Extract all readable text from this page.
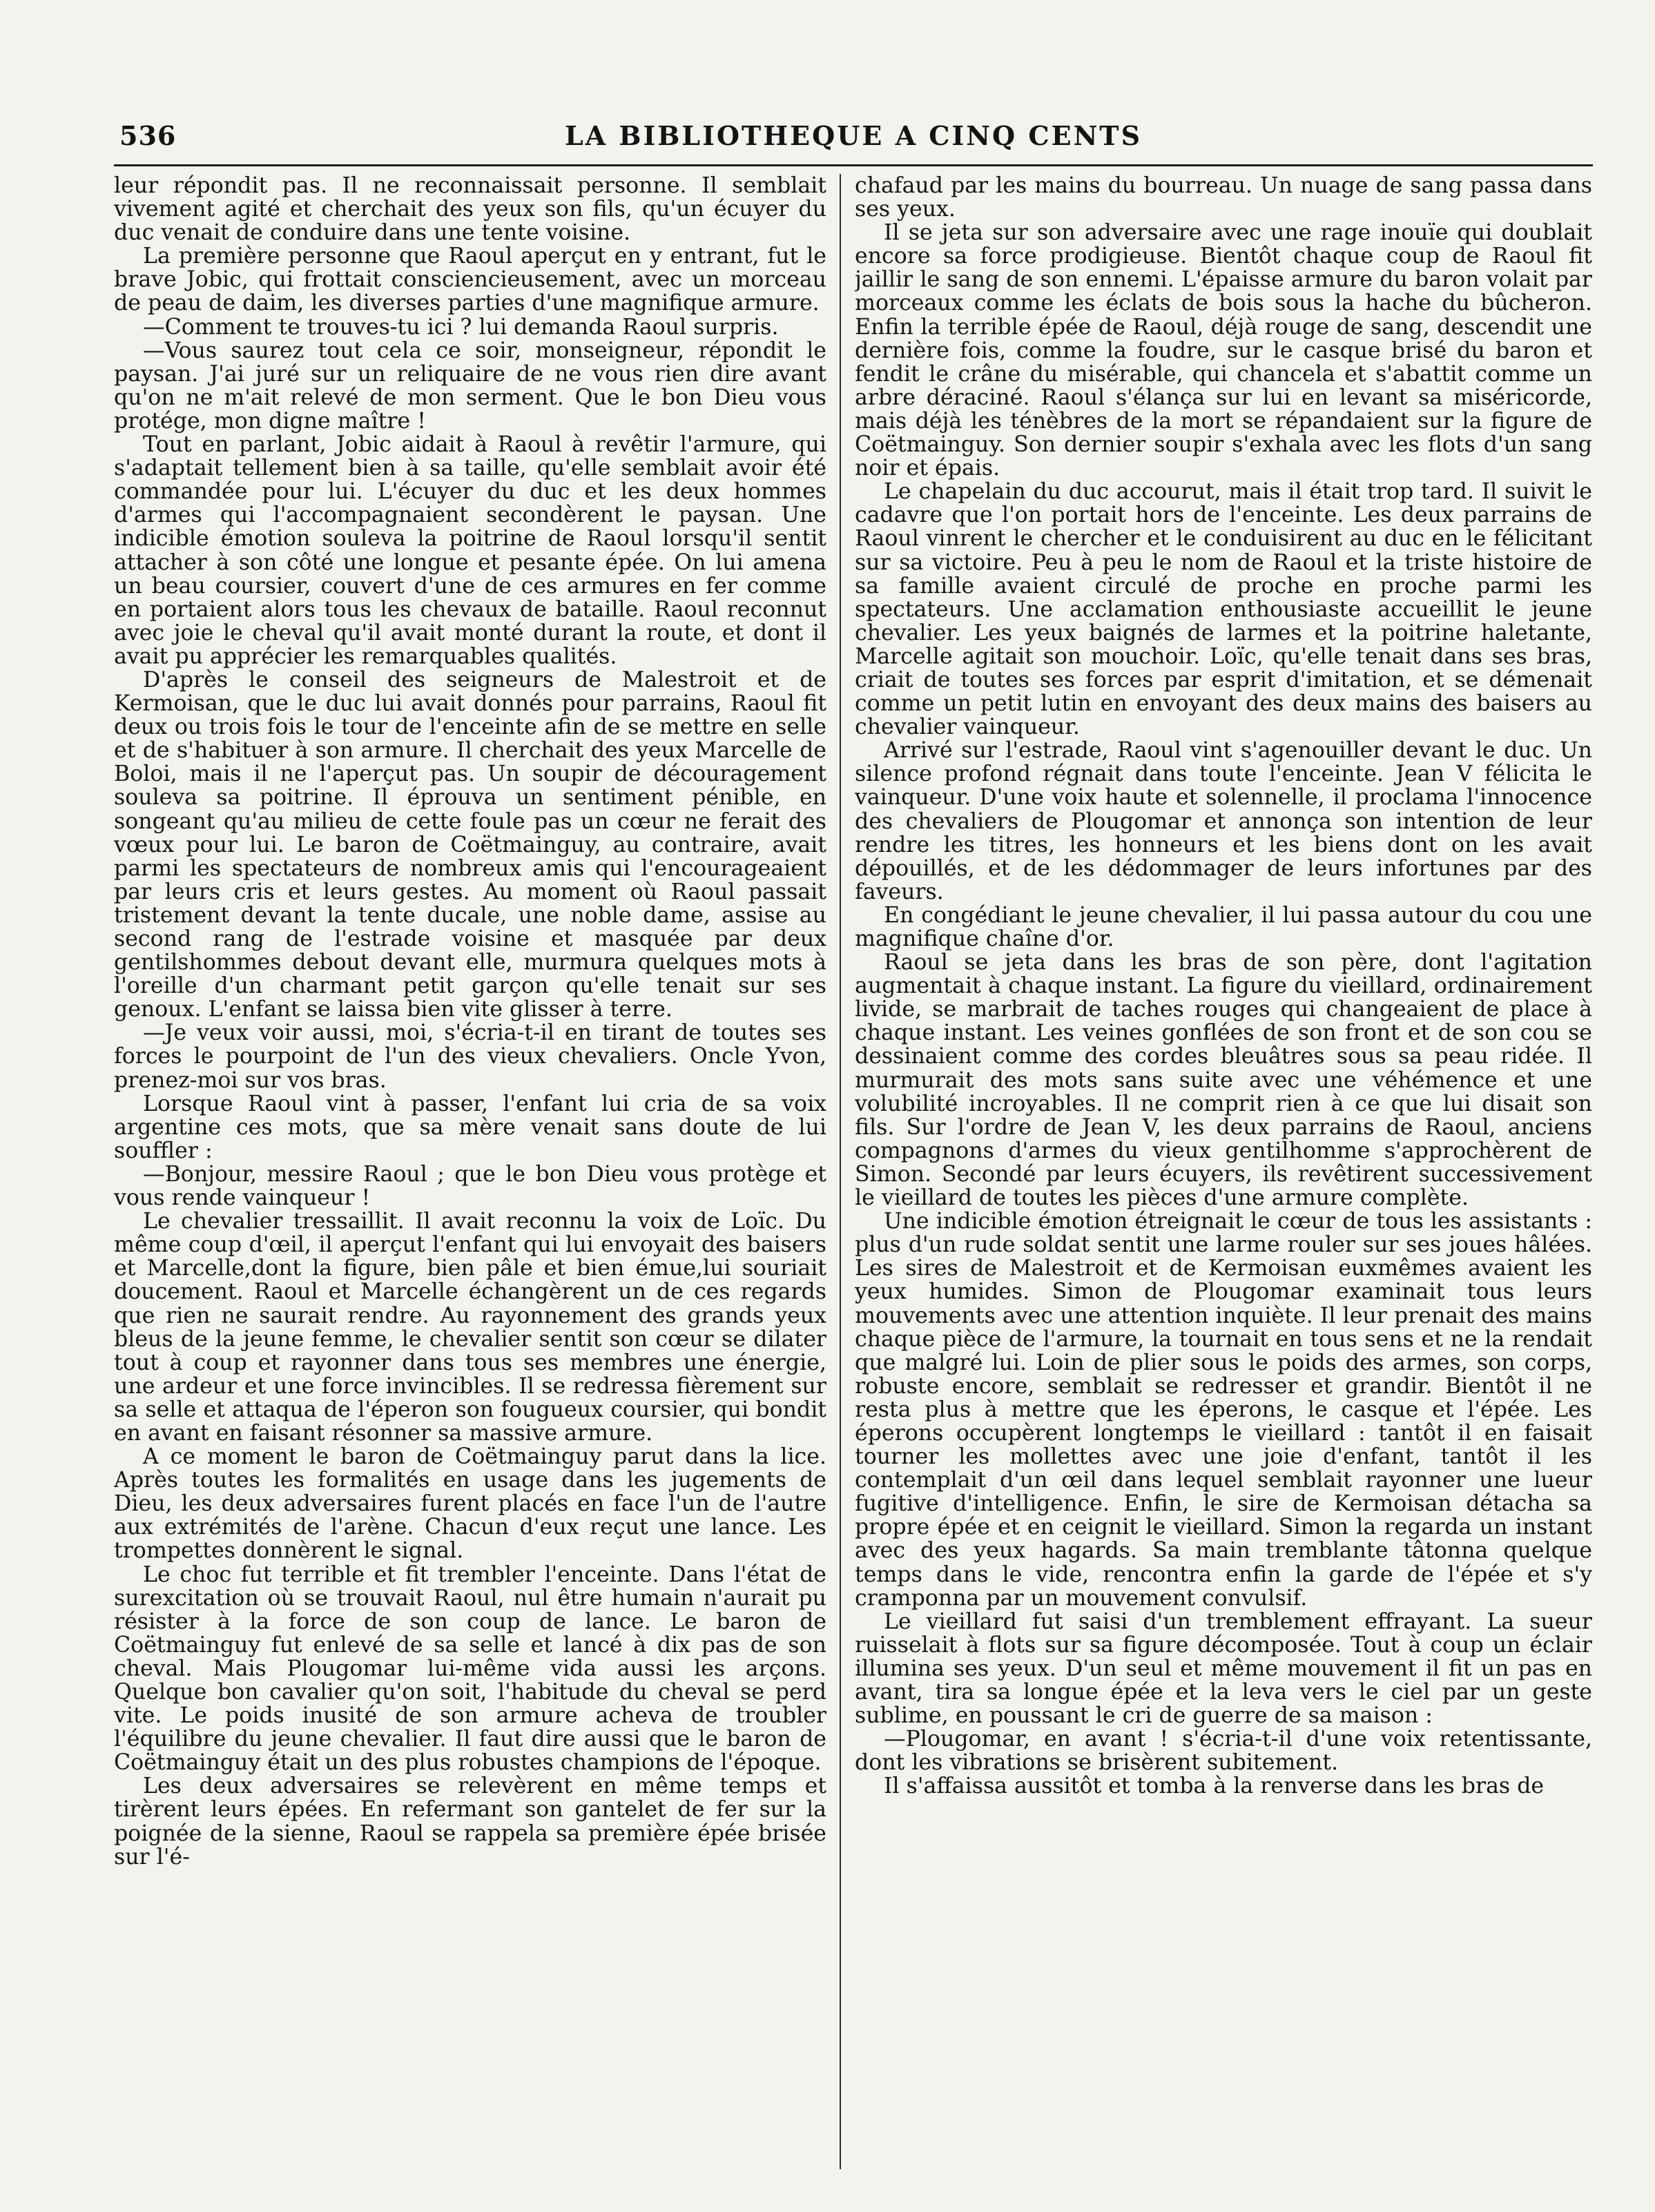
536	LA BIBLIOTHEQUE A CINQ CENTS

leur répondit pas. Il ne reconnaissait personne. Il semblait vivement agité et cherchait des yeux son fils, qu'un écuyer du duc venait de conduire dans une tente voisine.

La première personne que Raoul aperçut en y entrant, fut le brave Jobic, qui frottait consciencieusement, avec un morceau de peau de daim, les diverses parties d'une magnifique armure.

—Comment te trouves-tu ici ? lui demanda Raoul surpris.

—Vous saurez tout cela ce soir, monseigneur, répondit le paysan. J'ai juré sur un reliquaire de ne vous rien dire avant qu'on ne m'ait relevé de mon serment. Que le bon Dieu vous protége, mon digne maître !

Tout en parlant, Jobic aidait à Raoul à revêtir l'armure, qui s'adaptait tellement bien à sa taille, qu'elle semblait avoir été commandée pour lui. L'écuyer du duc et les deux hommes d'armes qui l'accompagnaient secondèrent le paysan. Une indicible émotion souleva la poitrine de Raoul lorsqu'il sentit attacher à son côté une longue et pesante épée. On lui amena un beau coursier, couvert d'une de ces armures en fer comme en portaient alors tous les chevaux de bataille. Raoul reconnut avec joie le cheval qu'il avait monté durant la route, et dont il avait pu apprécier les remarquables qualités.

D'après le conseil des seigneurs de Malestroit et de Kermoisan, que le duc lui avait donnés pour parrains, Raoul fit deux ou trois fois le tour de l'enceinte afin de se mettre en selle et de s'habituer à son armure. Il cherchait des yeux Marcelle de Boloi, mais il ne l'aperçut pas. Un soupir de découragement souleva sa poitrine. Il éprouva un sentiment pénible, en songeant qu'au milieu de cette foule pas un cœur ne ferait des vœux pour lui. Le baron de Coëtmainguy, au contraire, avait parmi les spectateurs de nombreux amis qui l'encourageaient par leurs cris et leurs gestes. Au moment où Raoul passait tristement devant la tente ducale, une noble dame, assise au second rang de l'estrade voisine et masquée par deux gentilshommes debout devant elle, murmura quelques mots à l'oreille d'un charmant petit garçon qu'elle tenait sur ses genoux. L'enfant se laissa bien vite glisser à terre.

—Je veux voir aussi, moi, s'écria-t-il en tirant de toutes ses forces le pourpoint de l'un des vieux chevaliers. Oncle Yvon, prenez-moi sur vos bras.

Lorsque Raoul vint à passer, l'enfant lui cria de sa voix argentine ces mots, que sa mère venait sans doute de lui souffler :

—Bonjour, messire Raoul ; que le bon Dieu vous protège et vous rende vainqueur !

Le chevalier tressaillit. Il avait reconnu la voix de Loïc. Du même coup d'œil, il aperçut l'enfant qui lui envoyait des baisers et Marcelle,dont la figure, bien pâle et bien émue,lui souriait doucement. Raoul et Marcelle échangèrent un de ces regards que rien ne saurait rendre. Au rayonnement des grands yeux bleus de la jeune femme, le chevalier sentit son cœur se dilater tout à coup et rayonner dans tous ses membres une énergie, une ardeur et une force invincibles. Il se redressa fièrement sur sa selle et attaqua de l'éperon son fougueux coursier, qui bondit en avant en faisant résonner sa massive armure.

A ce moment le baron de Coëtmainguy parut dans la lice. Après toutes les formalités en usage dans les jugements de Dieu, les deux adversaires furent placés en face l'un de l'autre aux extrémités de l'arène. Chacun d'eux reçut une lance. Les trompettes donnèrent le signal.

Le choc fut terrible et fit trembler l'enceinte. Dans l'état de surexcitation où se trouvait Raoul, nul être humain n'aurait pu résister à la force de son coup de lance. Le baron de Coëtmainguy fut enlevé de sa selle et lancé à dix pas de son cheval. Mais Plougomar lui-même vida aussi les arçons. Quelque bon cavalier qu'on soit, l'habitude du cheval se perd vite. Le poids inusité de son armure acheva de troubler l'équilibre du jeune chevalier. Il faut dire aussi que le baron de Coëtmainguy était un des plus robustes champions de l'époque.

Les deux adversaires se relevèrent en même temps et tirèrent leurs épées. En refermant son gantelet de fer sur la poignée de la sienne, Raoul se rappela sa première épée brisée sur l'é-

chafaud par les mains du bourreau. Un nuage de sang passa dans ses yeux.

Il se jeta sur son adversaire avec une rage inouïe qui doublait encore sa force prodigieuse. Bientôt chaque coup de Raoul fit jaillir le sang de son ennemi. L'épaisse armure du baron volait par morceaux comme les éclats de bois sous la hache du bûcheron. Enfin la terrible épée de Raoul, déjà rouge de sang, descendit une dernière fois, comme la foudre, sur le casque brisé du baron et fendit le crâne du misérable, qui chancela et s'abattit comme un arbre déraciné. Raoul s'élança sur lui en levant sa miséricorde, mais déjà les ténèbres de la mort se répandaient sur la figure de Coëtmainguy. Son dernier soupir s'exhala avec les flots d'un sang noir et épais.

Le chapelain du duc accourut, mais il était trop tard. Il suivit le cadavre que l'on portait hors de l'enceinte. Les deux parrains de Raoul vinrent le chercher et le conduisirent au duc en le félicitant sur sa victoire. Peu à peu le nom de Raoul et la triste histoire de sa famille avaient circulé de proche en proche parmi les spectateurs. Une acclamation enthousiaste accueillit le jeune chevalier. Les yeux baignés de larmes et la poitrine haletante, Marcelle agitait son mouchoir. Loïc, qu'elle tenait dans ses bras, criait de toutes ses forces par esprit d'imitation, et se démenait comme un petit lutin en envoyant des deux mains des baisers au chevalier vainqueur.

Arrivé sur l'estrade, Raoul vint s'agenouiller devant le duc. Un silence profond régnait dans toute l'enceinte. Jean V félicita le vainqueur. D'une voix haute et solennelle, il proclama l'innocence des chevaliers de Plougomar et annonça son intention de leur rendre les titres, les honneurs et les biens dont on les avait dépouillés, et de les dédommager de leurs infortunes par des faveurs.

En congédiant le jeune chevalier, il lui passa autour du cou une magnifique chaîne d'or.

Raoul se jeta dans les bras de son père, dont l'agitation augmentait à chaque instant. La figure du vieillard, ordinairement livide, se marbrait de taches rouges qui changeaient de place à chaque instant. Les veines gonflées de son front et de son cou se dessinaient comme des cordes bleuâtres sous sa peau ridée. Il murmurait des mots sans suite avec une véhémence et une volubilité incroyables. Il ne comprit rien à ce que lui disait son fils. Sur l'ordre de Jean V, les deux parrains de Raoul, anciens compagnons d'armes du vieux gentilhomme s'approchèrent de Simon. Secondé par leurs écuyers, ils revêtirent successivement le vieillard de toutes les pièces d'une armure complète.

Une indicible émotion étreignait le cœur de tous les assistants : plus d'un rude soldat sentit une larme rouler sur ses joues hâlées. Les sires de Malestroit et de Kermoisan euxmêmes avaient les yeux humides. Simon de Plougomar examinait tous leurs mouvements avec une attention inquiète. Il leur prenait des mains chaque pièce de l'armure, la tournait en tous sens et ne la rendait que malgré lui. Loin de plier sous le poids des armes, son corps, robuste encore, semblait se redresser et grandir. Bientôt il ne resta plus à mettre que les éperons, le casque et l'épée. Les éperons occupèrent longtemps le vieillard : tantôt il en faisait tourner les mollettes avec une joie d'enfant, tantôt il les contemplait d'un œil dans lequel semblait rayonner une lueur fugitive d'intelligence. Enfin, le sire de Kermoisan détacha sa propre épée et en ceignit le vieillard. Simon la regarda un instant avec des yeux hagards. Sa main tremblante tâtonna quelque temps dans le vide, rencontra enfin la garde de l'épée et s'y cramponna par un mouvement convulsif.

Le vieillard fut saisi d'un tremblement effrayant. La sueur ruisselait à flots sur sa figure décomposée. Tout à coup un éclair illumina ses yeux. D'un seul et même mouvement il fit un pas en avant, tira sa longue épée et la leva vers le ciel par un geste sublime, en poussant le cri de guerre de sa maison :

—Plougomar, en avant ! s'écria-t-il d'une voix retentissante, dont les vibrations se brisèrent subitement.

Il s'affaissa aussitôt et tomba à la renverse dans les bras de
